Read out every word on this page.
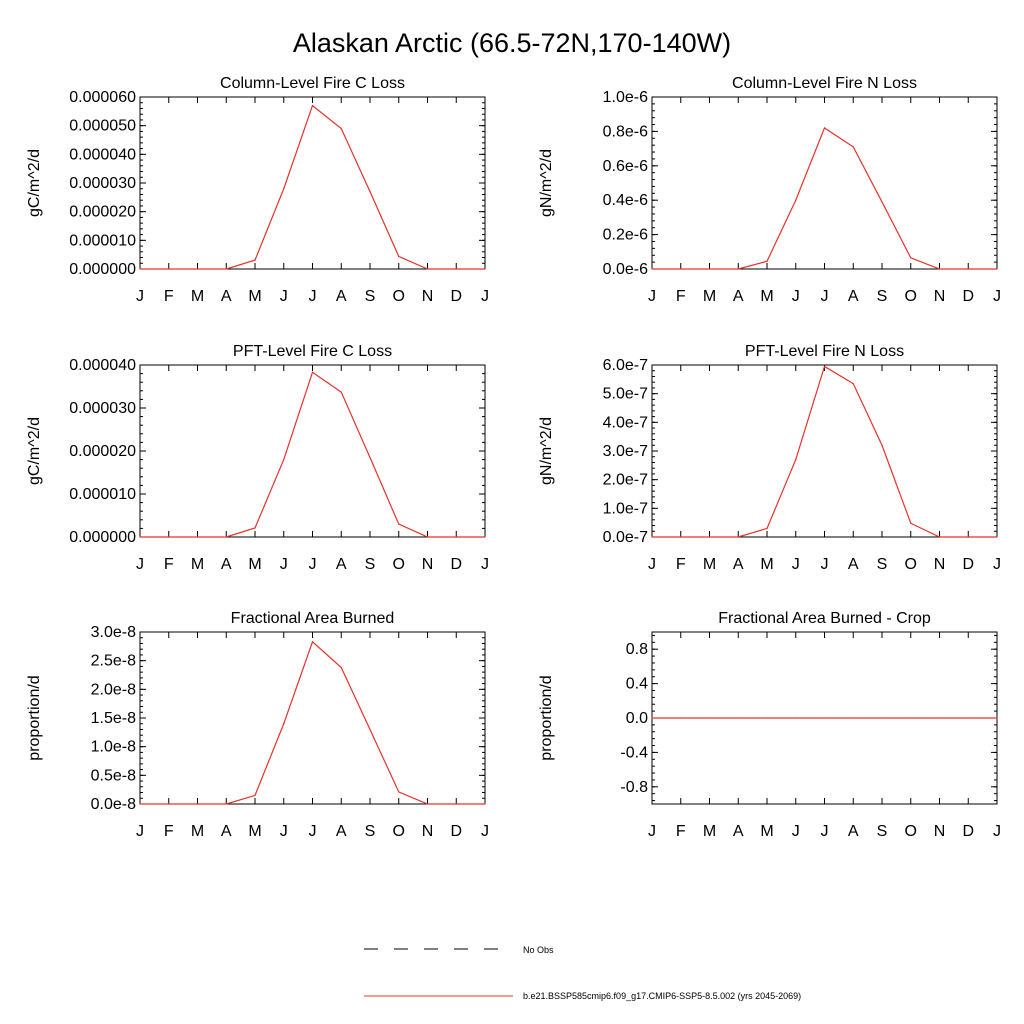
Alaskan Arctic (66.5-72N,170-140W)
Column-Level Fire C Loss
gC/m^2/d
0.000000
0.000010
0.000020
0.000030
0.000040
0.000050
0.000060
J F M A M J J A S O N D J
Column-Level Fire N Loss
gN/m^2/d
0.0e-6
0.2e-6
0.4e-6
0.6e-6
0.8e-6
1.0e-6
J F M A M J J A S O N D J
PFT-Level Fire C Loss
gC/m^2/d
0.000000
0.000010
0.000020
0.000030
0.000040
J F M A M J J A S O N D J
PFT-Level Fire N Loss
gN/m^2/d
0.0e-7
1.0e-7
2.0e-7
3.0e-7
4.0e-7
5.0e-7
6.0e-7
J F M A M J J A S O N D J
Fractional Area Burned
proportion/d
0.0e-8
0.5e-8
1.0e-8
1.5e-8
2.0e-8
2.5e-8
3.0e-8
J F M A M J J A S O N D J
Fractional Area Burned - Crop
proportion/d
-0.8
-0.4
0.0
0.4
0.8
J F M A M J J A S O N D J
No Obs
b.e21.BSSP585cmip6.f09_g17.CMIP6-SSP5-8.5.002 (yrs 2045-2069)
